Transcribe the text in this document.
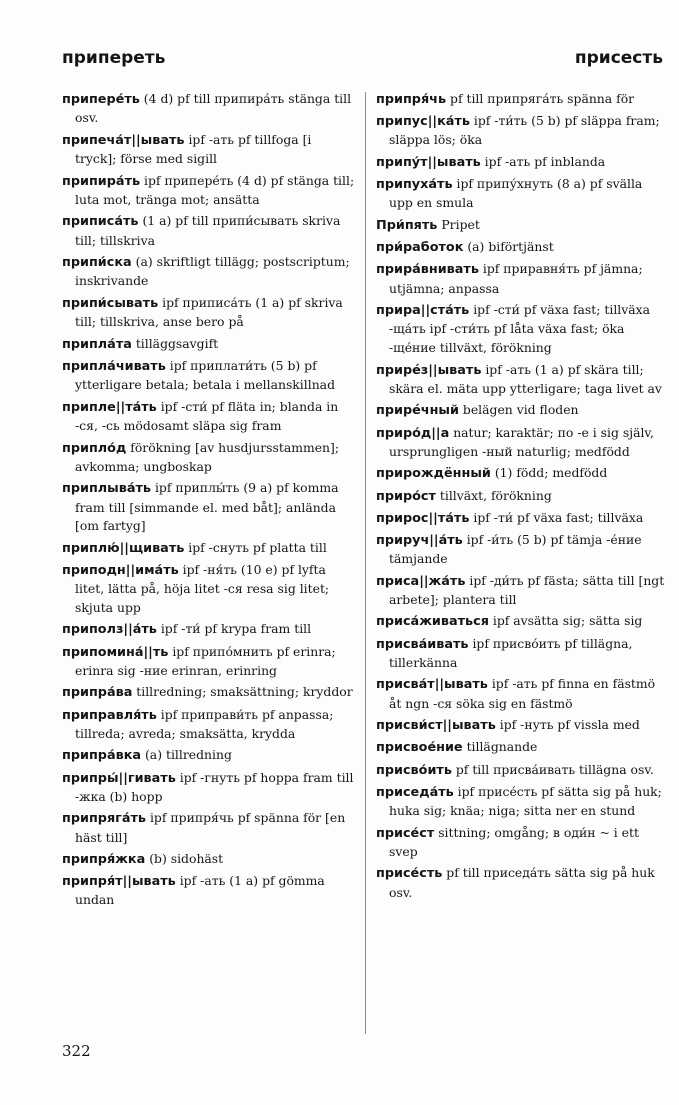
припереть	присесть

припере́ть (4 d) pf till припира́ть stänga till osv.

припеча́т||ывать ipf -ать pf tillfoga [i tryck]; förse med sigill

припира́ть ipf припере́ть (4 d) pf stänga till; luta mot, tränga mot; ansätta

приписа́ть (1 a) pf till припи́сывать skriva till; tillskriva

припи́ска (a) skriftligt tillägg; postscriptum; inskrivande

припи́сывать ipf приписа́ть (1 a) pf skriva till; tillskriva, anse bero på

припла́та tilläggsavgift

припла́чивать ipf приплати́ть (5 b) pf ytterligare betala; betala i mellanskillnad

приплe||та́ть ipf -сти́ pf fläta in; blanda in -ся, -сь mödosamt släpa sig fram

припло́д förökning [av husdjursstammen]; avkomma; ungboskap

приплыва́ть ipf приплы́ть (9 a) pf komma fram till [simmande el. med båt]; anlända [om fartyg]

приплю́||щивать ipf -снуть pf platta till

приподн||има́ть ipf -ня́ть (10 e) pf lyfta litet, lätta på, höja litet -ся resa sig litet; skjuta upp

приполз||а́ть ipf -ти́ pf krypa fram till

припомина́||ть ipf припо́мнить pf erinra; erinra sig -ние erinran, erinring

припра́ва tillredning; smaksättning; kryddor

приправля́ть ipf приправи́ть pf anpassa; tillreda; avreda; smaksätta, krydda

припра́вка (a) tillredning

припры́||гивать ipf -гнуть pf hoppa fram till -жка (b) hopp

припряга́ть ipf припря́чь pf spänna för [en häst till]

припря́жка (b) sidohäst

припря́т||ывать ipf -ать (1 a) pf gömma undan

припря́чь pf till припряга́ть spänna för

припус||ка́ть ipf -ти́ть (5 b) pf släppa fram; släppa lös; öka

припу́т||ывать ipf -ать pf inblanda

припуха́ть ipf припу́хнуть (8 a) pf svälla upp en smula

При́пять Pripet

при́работок (a) biförtjänst

прира́внивать ipf приравня́ть pf jämna; utjämna; anpassa

прира||ста́ть ipf -сти́ pf växa fast; tillväxa -ща́ть ipf -сти́ть pf låta växa fast; öka -ще́ние tillväxt, förökning

прирéз||ывать ipf -ать (1 a) pf skära till; skära el. mäta upp ytterligare; taga livet av

прирéчный belägen vid floden

приро́д||а natur; karaktär; по -е i sig själv, ursprungligen -ный naturlig; medfödd

прирождённый (1) född; medfödd

приро́ст tillväxt, förökning

прирос||та́ть ipf -ти́ pf växa fast; tillväxa

прируч||а́ть ipf -и́ть (5 b) pf tämja -е́ние tämjande

приса||жа́ть ipf -ди́ть pf fästa; sätta till [ngt arbete]; plantera till

приса́живаться ipf avsätta sig; sätta sig

присва́ивать ipf присво́ить pf tillägna, tillerkänna

присва́т||ывать ipf -ать pf finna en fästmö åt ngn -ся söka sig en fästmö

присви́ст||ывать ipf -нуть pf vissla med

присвое́ние tillägnande

присво́ить pf till присва́ивать tillägna osv.

приседа́ть ipf присе́сть pf sätta sig på huk; huka sig; knäa; niga; sitta ner en stund

присе́ст sittning; omgång; в оди́н ~ i ett svep

присе́сть pf till приседа́ть sätta sig på huk osv.

322
